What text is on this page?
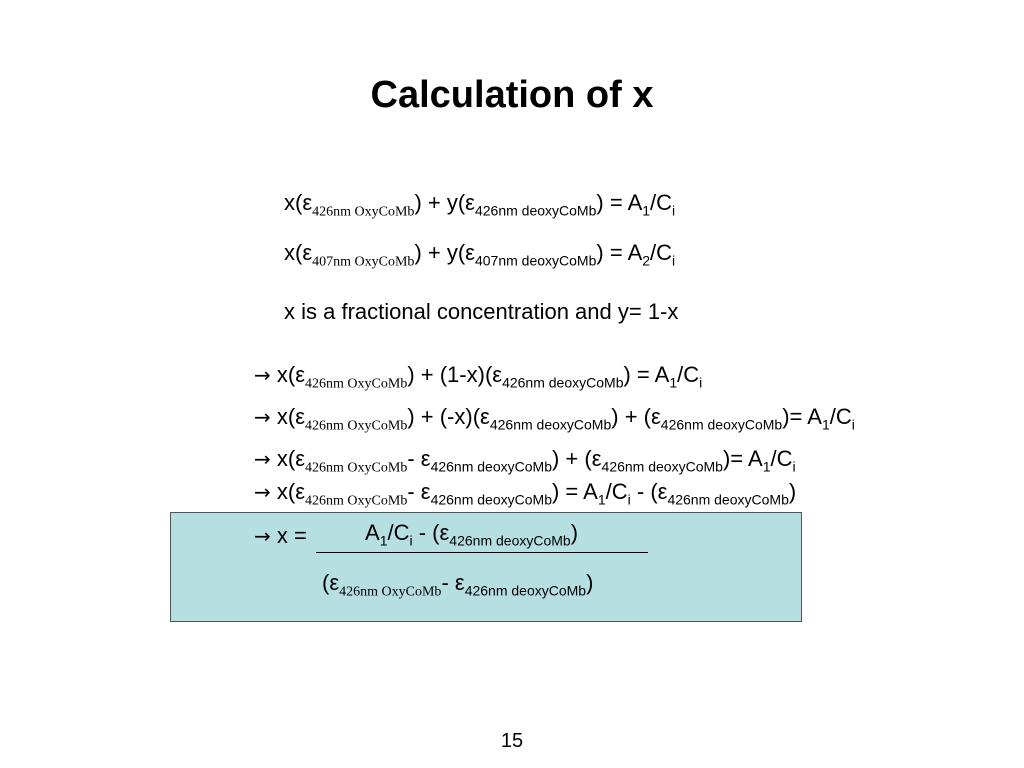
Calculation of x
$x(\varepsilon_{426nm OxyCoMb}) + y(\varepsilon_{426nm deoxyCoMb}) = A_1/C_i$
$x(\varepsilon_{407nm OxyCoMb}) + y(\varepsilon_{407nm deoxyCoMb}) = A_2/C_i$
x is a fractional concentration and y= 1-x
→ $x(\varepsilon_{426nm OxyCoMb}) + (1-x)(\varepsilon_{426nm deoxyCoMb}) = A_1/C_i$
→ $x(\varepsilon_{426nm OxyCoMb}) + (-x)(\varepsilon_{426nm deoxyCoMb}) + (\varepsilon_{426nm deoxyCoMb})= A_1/C_i$
→ $x(\varepsilon_{426nm OxyCoMb}-$ $\varepsilon_{426nm deoxyCoMb}) + (\varepsilon_{426nm deoxyCoMb})= A_1/C_i$
→ $x(\varepsilon_{426nm OxyCoMb}-$ $\varepsilon_{426nm deoxyCoMb}) = A_1/C_i - (\varepsilon_{426nm deoxyCoMb})$
→ x =	$A_1/C_i - (\varepsilon_{426nm deoxyCoMb})$
($\varepsilon_{426nm OxyCoMb}-$ $\varepsilon_{426nm deoxyCoMb}$)
15
